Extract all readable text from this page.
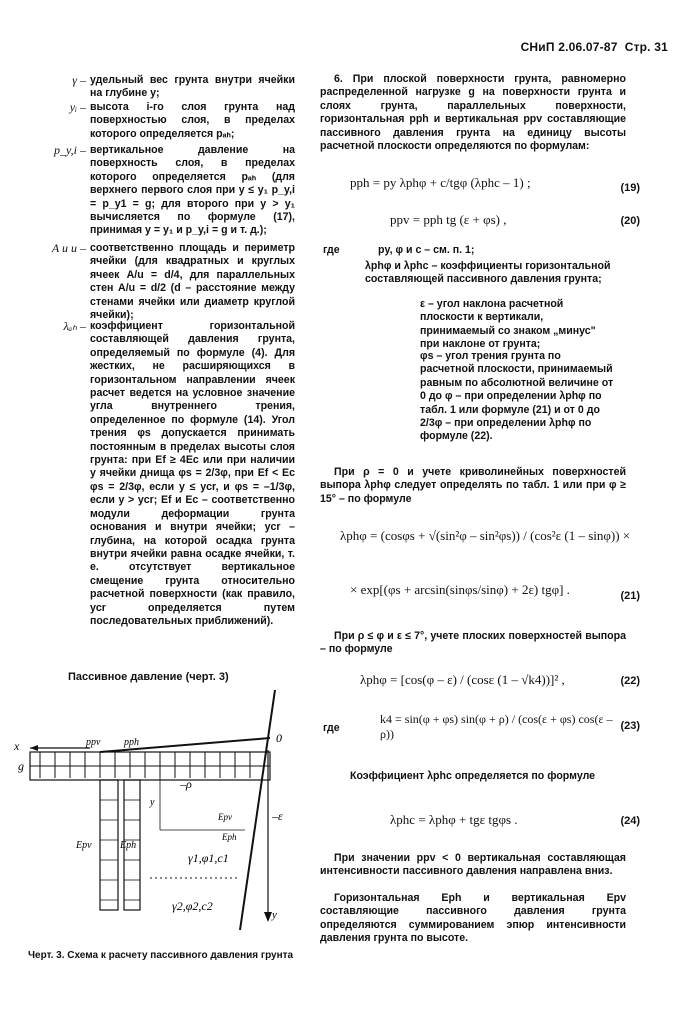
СНиП 2.06.07-87 Стр. 31
γ – удельный вес грунта внутри ячейки на глубине y;
yᵢ – высота i-го слоя грунта над поверхностью слоя, в пределах которого определяется pₐₕ;
p_y,i – вертикальное давление на поверхность слоя, в пределах которого определяется pₐₕ (для верхнего первого слоя при y ≤ y₁ p_y,i = p_y1 = g; для второго при y > y₁ вычисляется по формуле (17), принимая y = y₁ и p_y,i = g и т. д.);
A и u – соответственно площадь и периметр ячейки (для квадратных и круглых ячеек A/u = d/4, для параллельных стен A/u = d/2 (d – расстояние между стенами ячейки или диаметр круглой ячейки);
λₐₕ – коэффициент горизонтальной составляющей давления грунта, определяемый по формуле (4). Для жестких, не расширяющихся в горизонтальном направлении ячеек расчет ведется на условное значение угла внутреннего трения, определенное по формуле (14). Угол трения φs допускается принимать постоянным в пределах высоты слоя грунта: при Ef ≥ 4Ec или при наличии у ячейки днища φs = 2/3φ, при Ef < Ec φs = 2/3φ, если y ≤ ycr, и φs = –1/3φ, если y > ycr; Ef и Ec – соответственно модули деформации грунта основания и внутри ячейки; ycr – глубина, на которой осадка грунта внутри ячейки равна осадке ячейки, т. е. отсутствует вертикальное смещение грунта относительно расчетной поверхности (как правило, ycr определяется путем последовательных приближений).
Пассивное давление (черт. 3)
x
g
ppv pph	0
–ρ
y
–ε
Epv	Eph
Epv
Eph
γ1,φ1,c1
γ2,φ2,c2
y
Черт. 3. Схема к расчету пассивного давления грунта
6. При плоской поверхности грунта, равномерно распределенной нагрузке g на поверхности грунта и слоях грунта, параллельных поверхности, горизонтальная pph и вертикальная ppv составляющие пассивного давления грунта на единицу высоты расчетной плоскости определяются по формулам:
pph = py λphφ + c/tgφ (λphc – 1) ;	(19)
ppv = pph tg (ε + φs) ,	(20)
где	py, φ и c – см. п. 1;
λphφ и λphc – коэффициенты горизонтальной составляющей пассивного давления грунта;
ε – угол наклона расчетной плоскости к вертикали, принимаемый со знаком „минус" при наклоне от грунта;
φs – угол трения грунта по расчетной плоскости, принимаемый равным по абсолютной величине от 0 до φ – при определении λphφ по табл. 1 или формуле (21) и от 0 до 2/3φ – при определении λphφ по формуле (22).
При ρ = 0 и учете криволинейных поверхностей выпора λphφ следует определять по табл. 1 или при φ ≥ 15° – по формуле
λphφ = (cosφs + √(sin²φ – sin²φs)) / (cos²ε (1 – sinφ)) ×
× exp[(φs + arcsin(sinφs/sinφ) + 2ε) tgφ] .	(21)
При ρ ≤ φ и ε ≤ 7°, учете плоских поверхностей выпора – по формуле
λphφ = [cos(φ – ε) / (cosε (1 – √k4))]² ,	(22)
где
k4 = sin(φ + φs) sin(φ + ρ) / (cos(ε + φs) cos(ε – ρ))
(23)
Коэффициент λphc определяется по формуле
λphc = λphφ + tgε tgφs .	(24)
При значении ppv < 0 вертикальная составляющая интенсивности пассивного давления направлена вниз.
Горизонтальная Eph и вертикальная Epv составляющие пассивного давления грунта определяются суммированием эпюр интенсивности давления грунта по высоте.
